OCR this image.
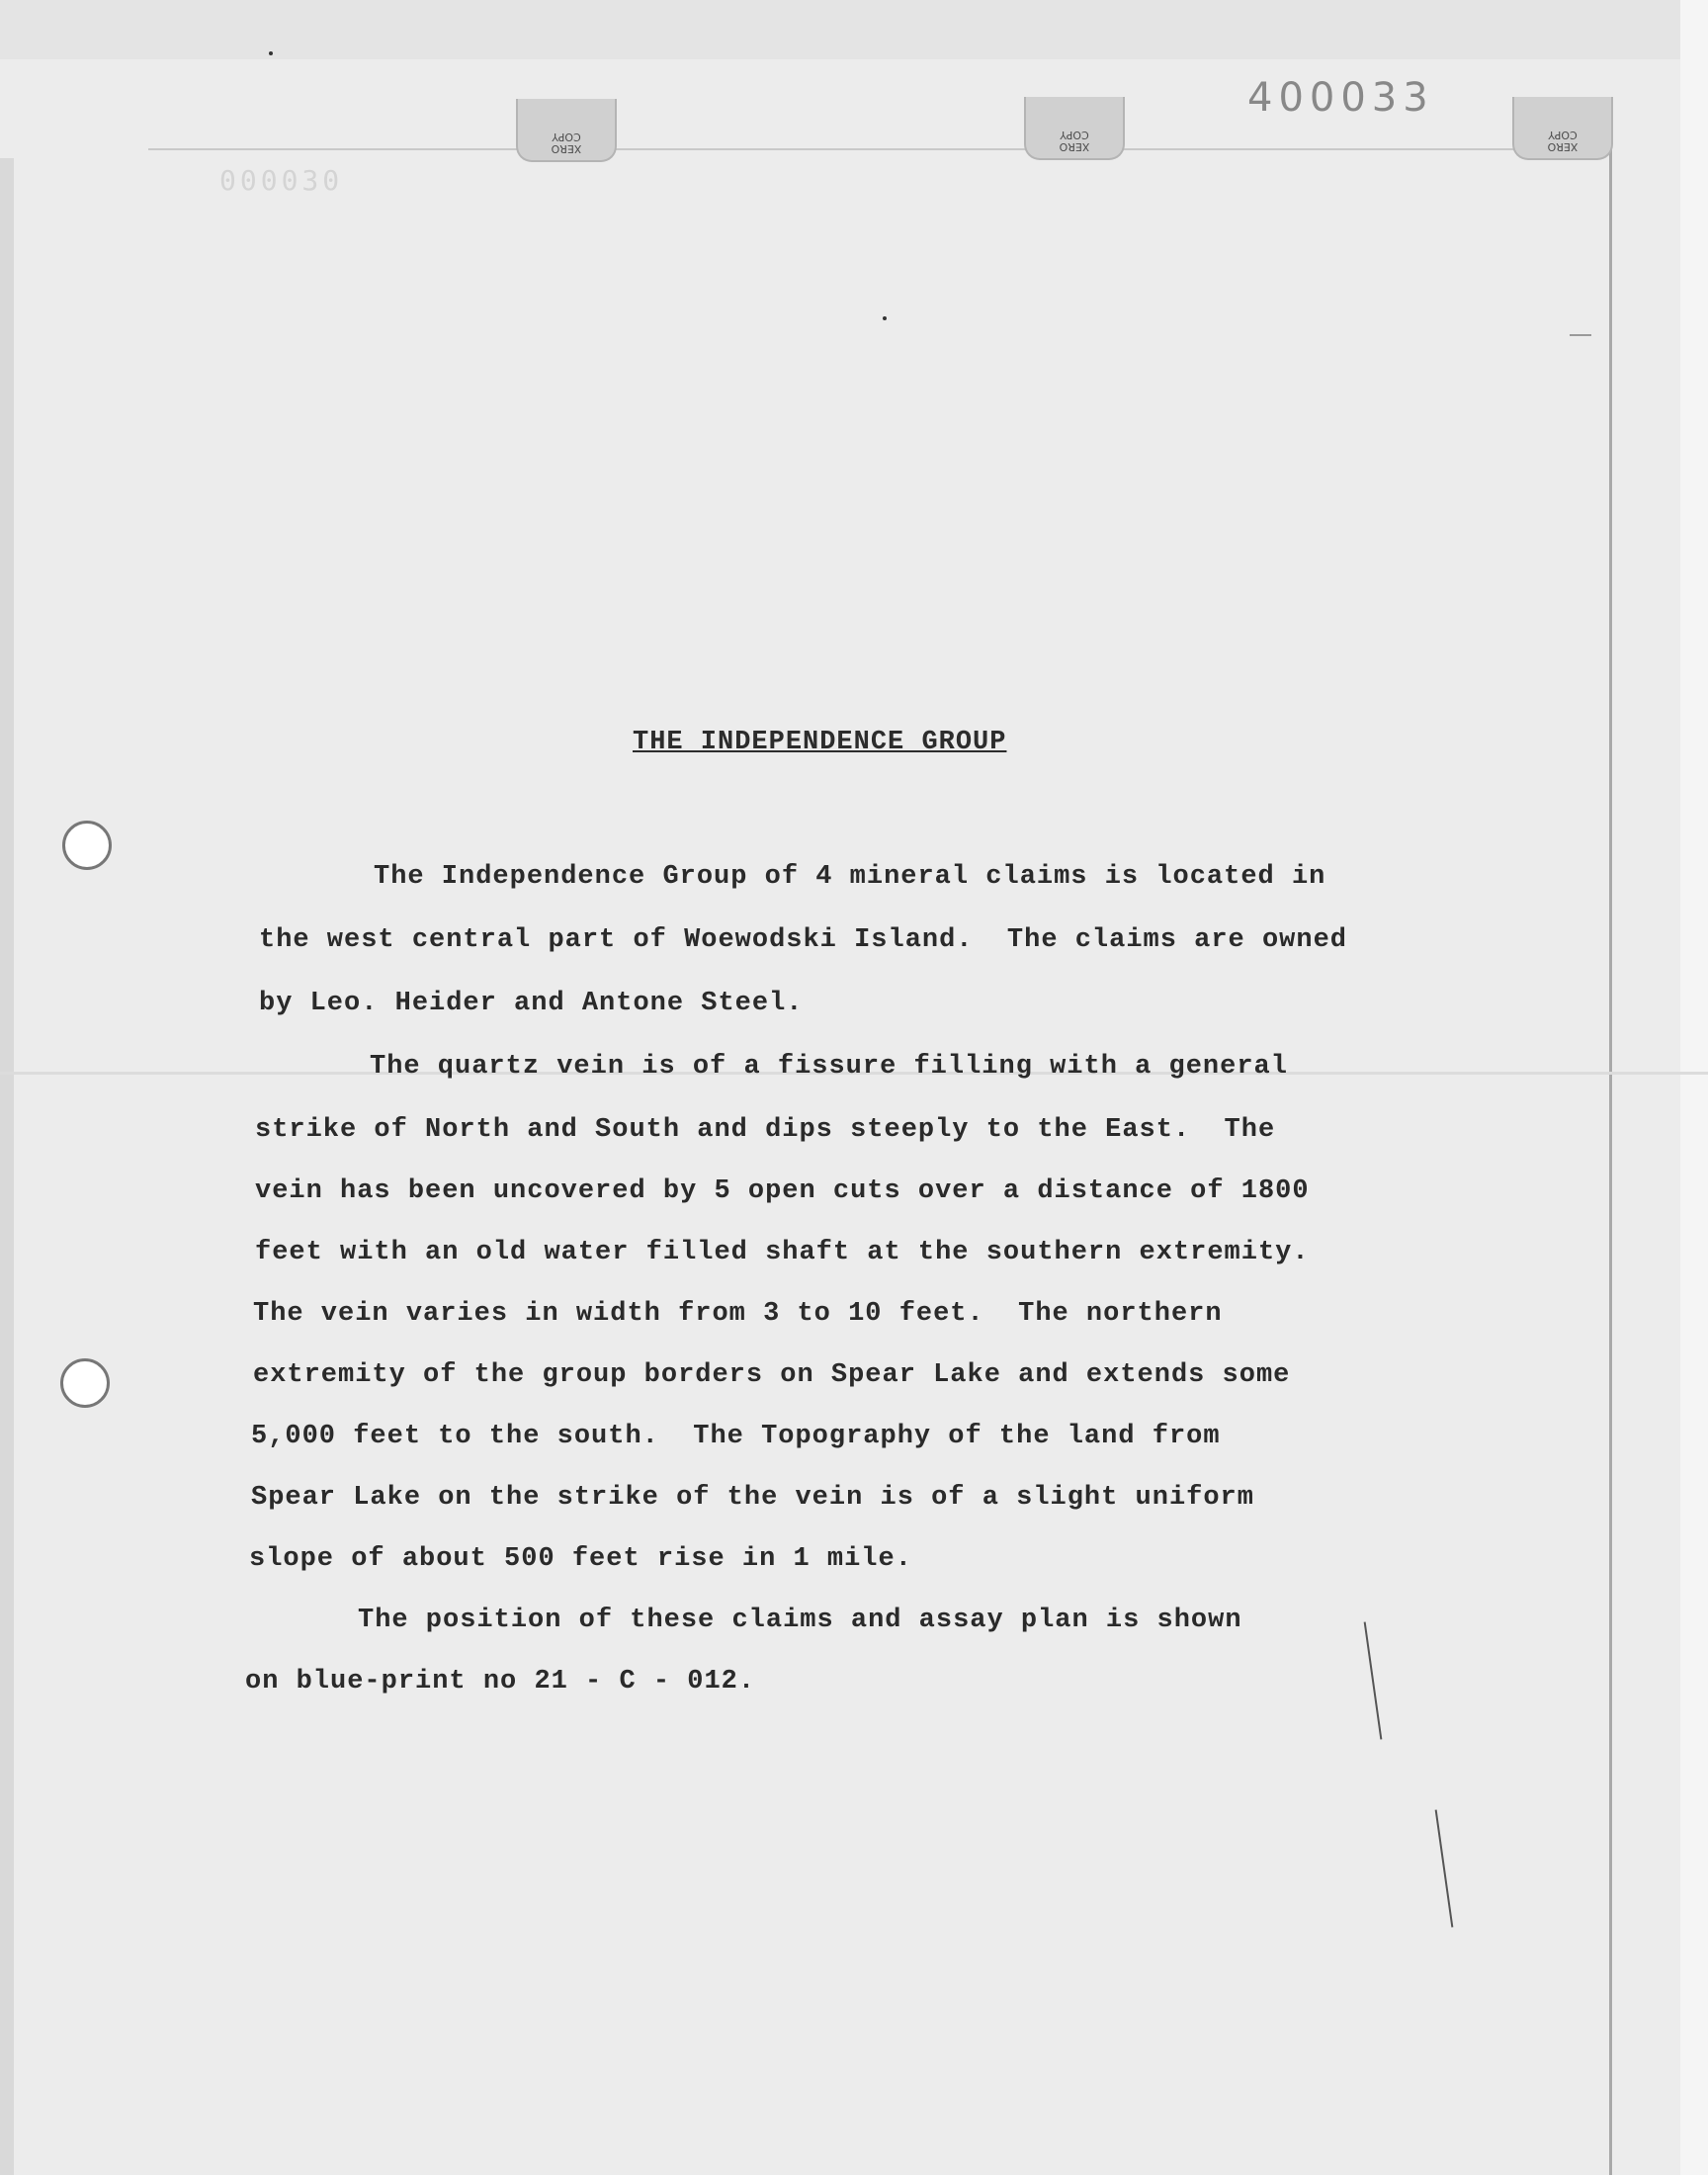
XERO
COPY
XERO
COPY
XERO
COPY
400033
000030
THE INDEPENDENCE GROUP
The Independence Group of 4 mineral claims is located in
the west central part of Woewodski Island.  The claims are owned
by Leo. Heider and Antone Steel.
The quartz vein is of a fissure filling with a general
strike of North and South and dips steeply to the East.  The
vein has been uncovered by 5 open cuts over a distance of 1800
feet with an old water filled shaft at the southern extremity.
The vein varies in width from 3 to 10 feet.  The northern
extremity of the group borders on Spear Lake and extends some
5,000 feet to the south.  The Topography of the land from
Spear Lake on the strike of the vein is of a slight uniform
slope of about 500 feet rise in 1 mile.
The position of these claims and assay plan is shown
on blue-print no 21 - C - 012.
